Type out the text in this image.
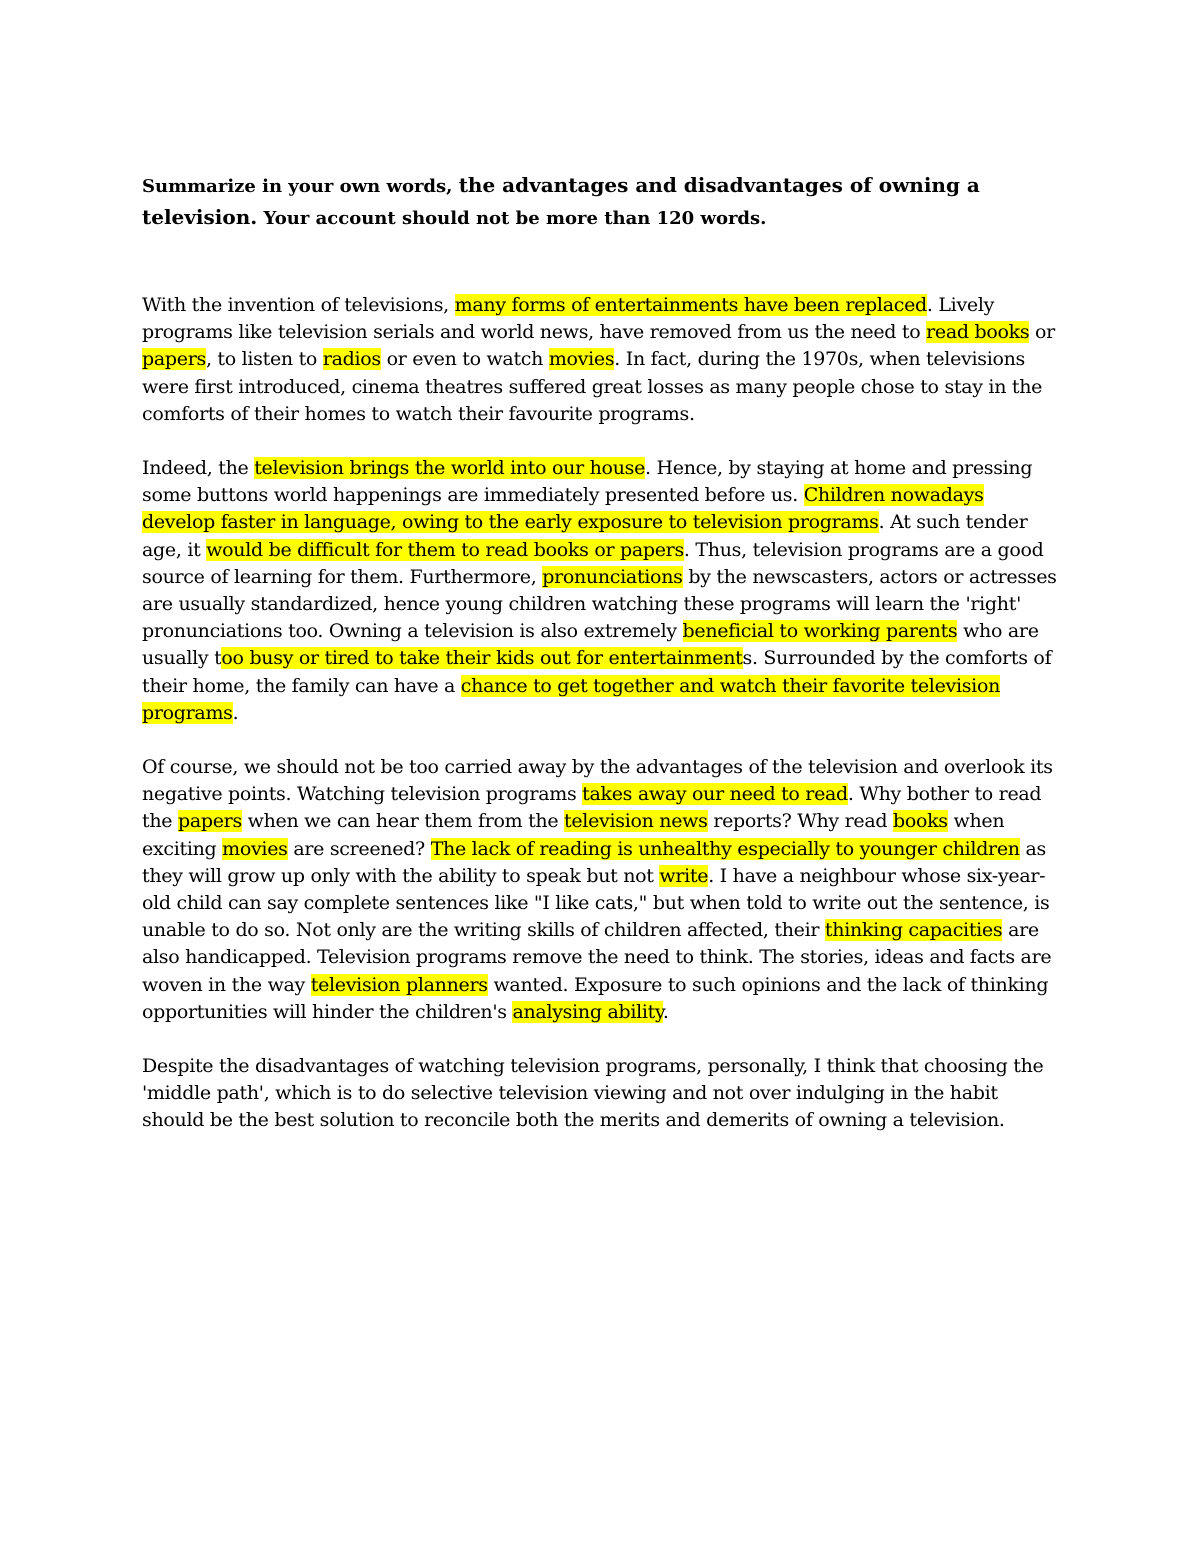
Summarize in your own words, the advantages and disadvantages of owning a television. Your account should not be more than 120 words.

With the invention of televisions, many forms of entertainments have been replaced. Lively programs like television serials and world news, have removed from us the need to read books or papers, to listen to radios or even to watch movies. In fact, during the 1970s, when televisions were first introduced, cinema theatres suffered great losses as many people chose to stay in the comforts of their homes to watch their favourite programs.

Indeed, the television brings the world into our house. Hence, by staying at home and pressing some buttons world happenings are immediately presented before us. Children nowadays develop faster in language, owing to the early exposure to television programs. At such tender age, it would be difficult for them to read books or papers. Thus, television programs are a good source of learning for them. Furthermore, pronunciations by the newscasters, actors or actresses are usually standardized, hence young children watching these programs will learn the 'right' pronunciations too. Owning a television is also extremely beneficial to working parents who are usually too busy or tired to take their kids out for entertainments. Surrounded by the comforts of their home, the family can have a chance to get together and watch their favorite television programs.

Of course, we should not be too carried away by the advantages of the television and overlook its negative points. Watching television programs takes away our need to read. Why bother to read the papers when we can hear them from the television news reports? Why read books when exciting movies are screened? The lack of reading is unhealthy especially to younger children as they will grow up only with the ability to speak but not write. I have a neighbour whose six-year-old child can say complete sentences like "I like cats," but when told to write out the sentence, is unable to do so. Not only are the writing skills of children affected, their thinking capacities are also handicapped. Television programs remove the need to think. The stories, ideas and facts are woven in the way television planners wanted. Exposure to such opinions and the lack of thinking opportunities will hinder the children's analysing ability.

Despite the disadvantages of watching television programs, personally, I think that choosing the 'middle path', which is to do selective television viewing and not over indulging in the habit should be the best solution to reconcile both the merits and demerits of owning a television.
